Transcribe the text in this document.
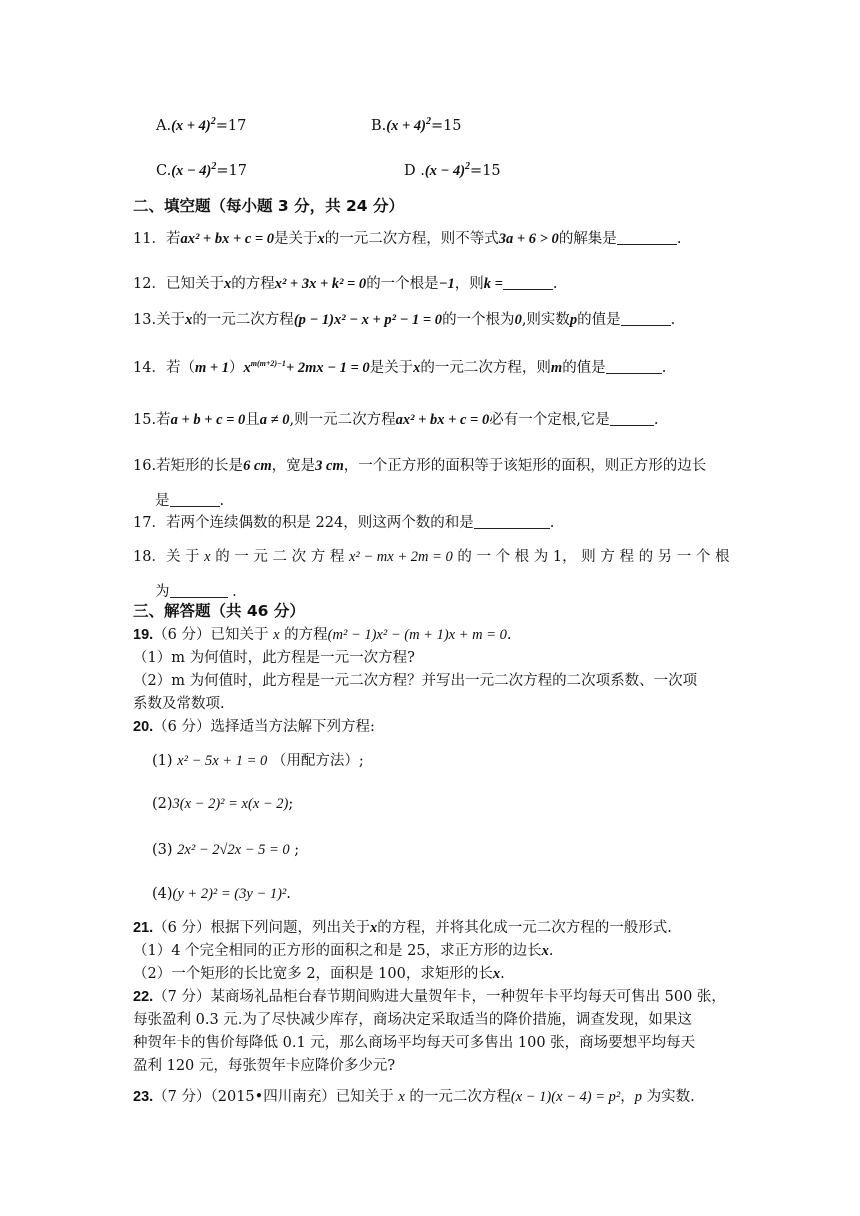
$A.(x + 4)^2=17$	$B.(x + 4)^2=15$
$C.(x - 4)^2=17$	D $.(x - 4)^2=15$
二、填空题（每小题 3 分，共 24 分）
11．若ax² + bx + c = 0是关于x的一元二次方程，则不等式3a + 6 > 0的解集是	.
12．已知关于x的方程x² + 3x + k² = 0的一个根是−1，则k =	.
13.关于x的一元二次方程(p − 1)x² − x + p² − 1 = 0的一个根为0,则实数p的值是	.
14．若$(m + 1)x^{m(m+2)-1}+ 2mx - 1 = 0$是关于x的一元二次方程，则m的值是	.
15.若a + b + c = 0且a ≠ 0,则一元二次方程ax² + bx + c = 0必有一个定根,它是	.
16.若矩形的长是6 cm，宽是3 cm，一个正方形的面积等于该矩形的面积，则正方形的边长
是	.
17．若两个连续偶数的积是 224，则这两个数的和是	.
18．关 于 x 的 一 元 二 次 方 程 x² − mx + 2m = 0 的 一 个 根 为 1， 则 方 程 的 另 一 个 根
为	.
三、解答题（共 46 分）
19.（6 分）已知关于 x 的方程(m² − 1)x² − (m + 1)x + m = 0.
（1）m 为何值时，此方程是一元一次方程?
（2）m 为何值时，此方程是一元二次方程？并写出一元二次方程的二次项系数、一次项
系数及常数项.
20.（6 分）选择适当方法解下列方程:
(1) x² − 5x + 1 = 0 （用配方法）;
(2)3(x − 2)² = x(x − 2);
(3) 2x² − 2√2x − 5 = 0 ;
(4)(y + 2)² = (3y − 1)².
21.（6 分）根据下列问题，列出关于x的方程，并将其化成一元二次方程的一般形式.
（1）4 个完全相同的正方形的面积之和是 25，求正方形的边长x.
（2）一个矩形的长比宽多 2，面积是 100，求矩形的长x.
22.（7 分）某商场礼品柜台春节期间购进大量贺年卡，一种贺年卡平均每天可售出 500 张，
每张盈利 0.3 元.为了尽快减少库存，商场决定采取适当的降价措施，调查发现，如果这
种贺年卡的售价每降低 0.1 元，那么商场平均每天可多售出 100 张，商场要想平均每天
盈利 120 元，每张贺年卡应降价多少元?
23.（7 分）（2015•四川南充）已知关于 x 的一元二次方程(x − 1)(x − 4) = p²，p 为实数.
